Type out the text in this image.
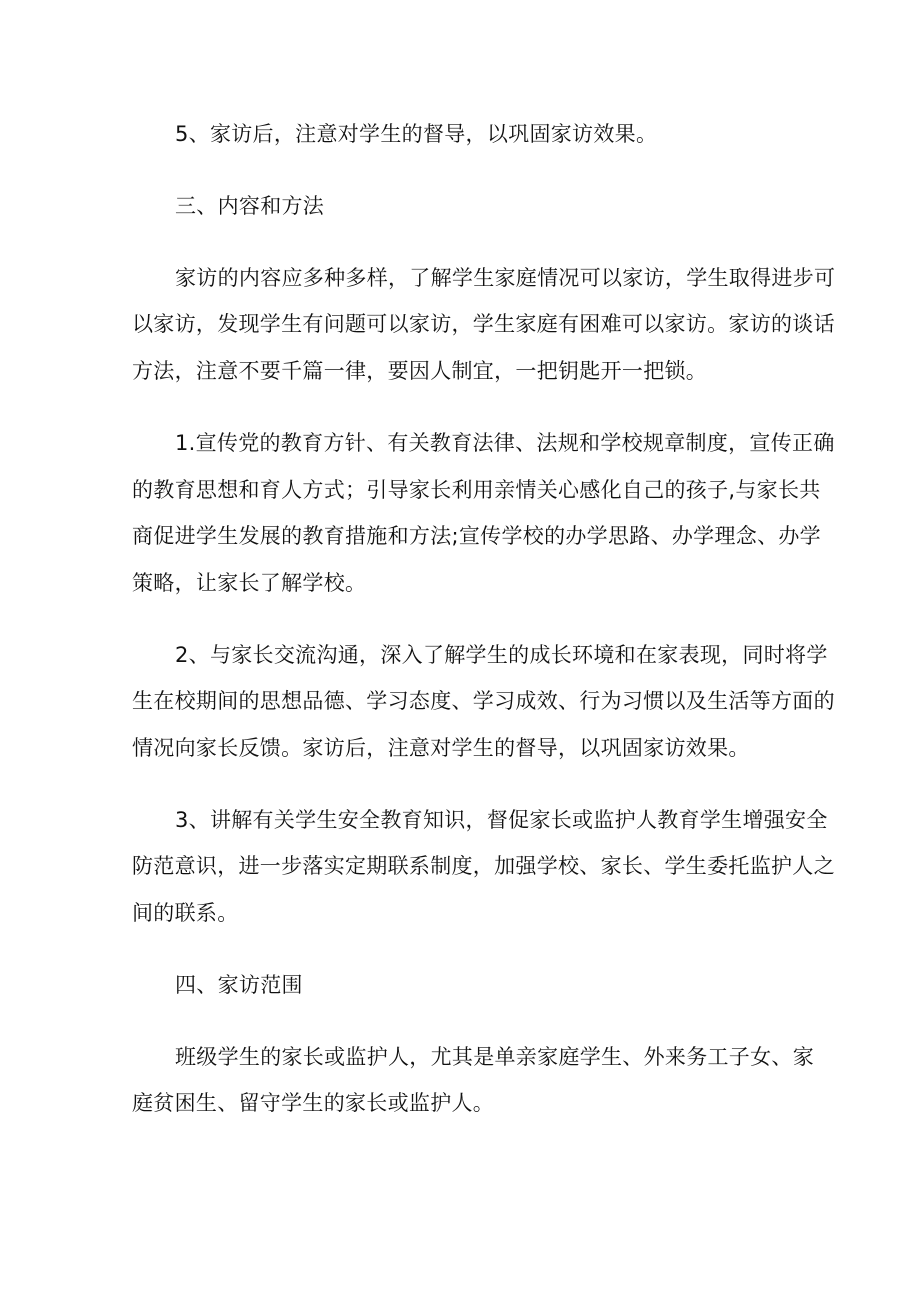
5、家访后，注意对学生的督导，以巩固家访效果。
三、内容和方法
家访的内容应多种多样，了解学生家庭情况可以家访，学生取得进步可
以家访，发现学生有问题可以家访，学生家庭有困难可以家访。家访的谈话
方法，注意不要千篇一律，要因人制宜，一把钥匙开一把锁。
1.宣传党的教育方针、有关教育法律、法规和学校规章制度，宣传正确
的教育思想和育人方式；引导家长利用亲情关心感化自己的孩子,与家长共
商促进学生发展的教育措施和方法;宣传学校的办学思路、办学理念、办学
策略，让家长了解学校。
2、与家长交流沟通，深入了解学生的成长环境和在家表现，同时将学
生在校期间的思想品德、学习态度、学习成效、行为习惯以及生活等方面的
情况向家长反馈。家访后，注意对学生的督导，以巩固家访效果。
3、讲解有关学生安全教育知识，督促家长或监护人教育学生增强安全
防范意识，进一步落实定期联系制度，加强学校、家长、学生委托监护人之
间的联系。
四、家访范围
班级学生的家长或监护人，尤其是单亲家庭学生、外来务工子女、家
庭贫困生、留守学生的家长或监护人。
